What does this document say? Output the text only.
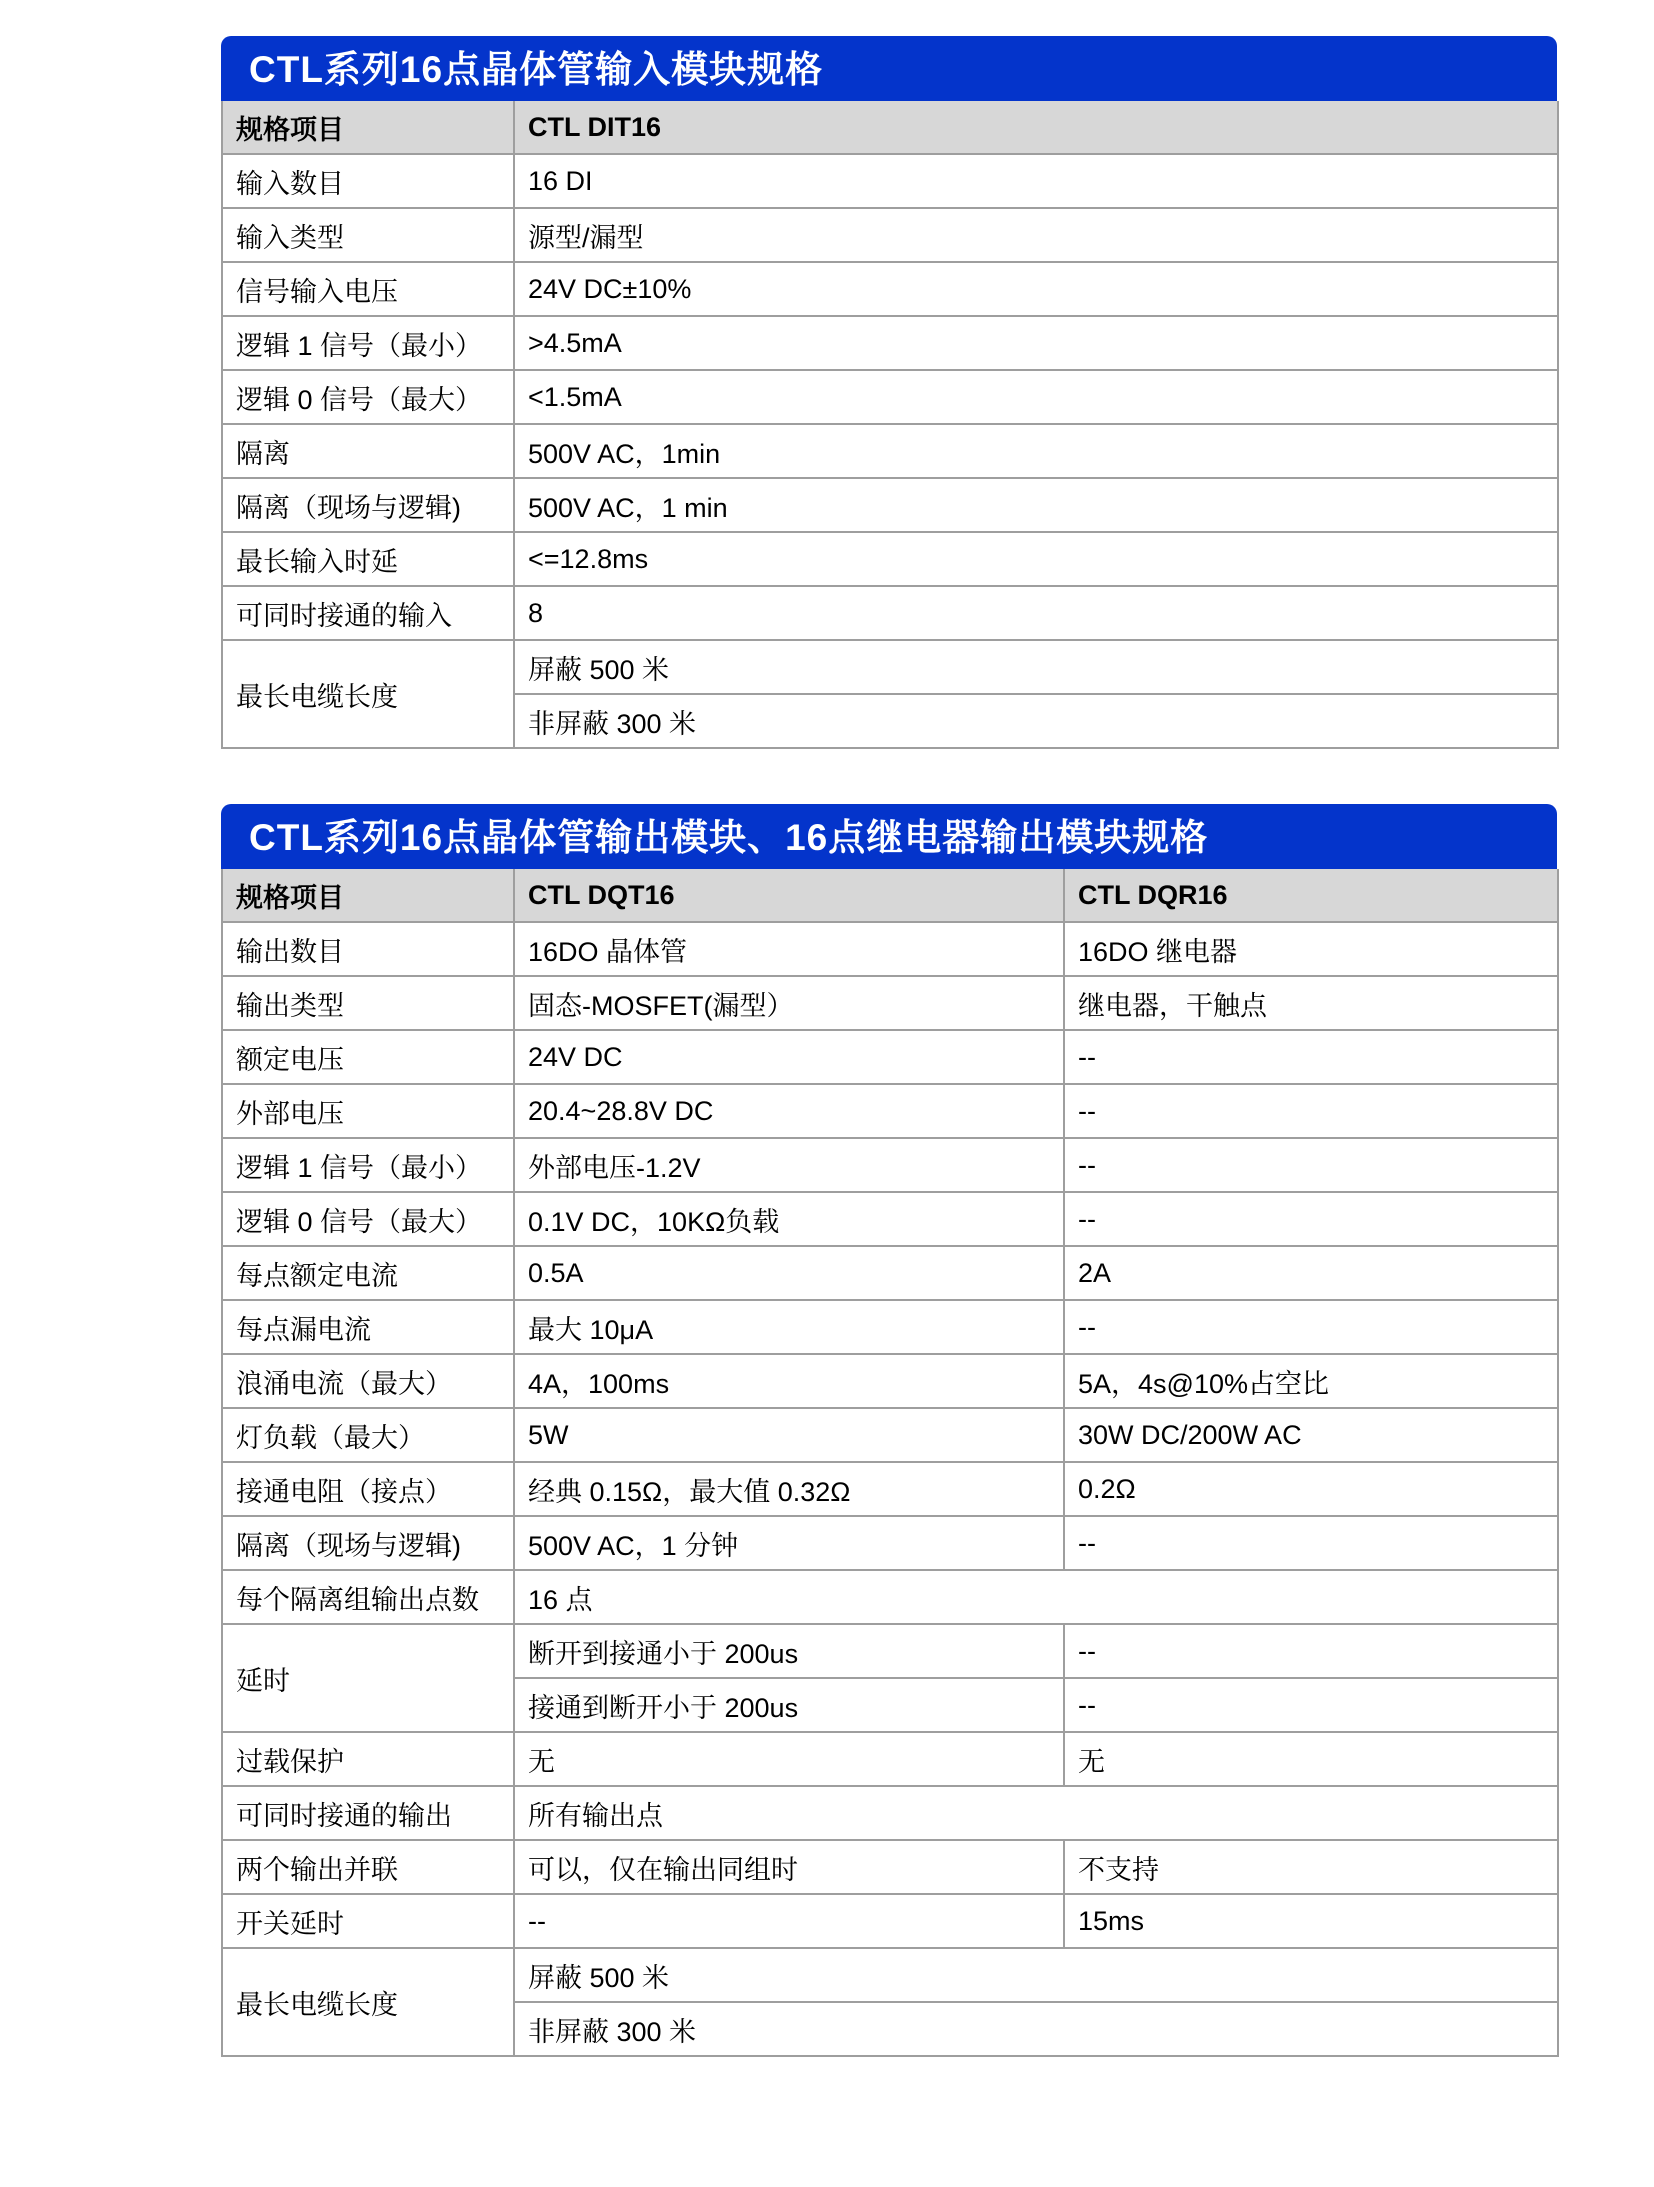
CTL系列16点晶体管输入模块规格
规格项目	CTL DIT16
输入数目	16 DI
输入类型	源型/漏型
信号输入电压	24V DC±10%
逻辑 1 信号（最小）	>4.5mA
逻辑 0 信号（最大）	<1.5mA
隔离	500V AC，1min
隔离（现场与逻辑)	500V AC，1 min
最长输入时延	<=12.8ms
可同时接通的输入	8
最长电缆长度	屏蔽 500 米
	非屏蔽 300 米
CTL系列16点晶体管输出模块、16点继电器输出模块规格
规格项目	CTL DQT16	CTL DQR16
输出数目	16DO 晶体管	16DO 继电器
输出类型	固态-MOSFET(漏型）	继电器，干触点
额定电压	24V DC	--
外部电压	20.4~28.8V DC	--
逻辑 1 信号（最小）	外部电压-1.2V	--
逻辑 0 信号（最大）	0.1V DC，10KΩ负载	--
每点额定电流	0.5A	2A
每点漏电流	最大 10μA	--
浪涌电流（最大）	4A，100ms	5A，4s@10%占空比
灯负载（最大）	5W	30W DC/200W AC
接通电阻（接点）	经典 0.15Ω，最大值 0.32Ω	0.2Ω
隔离（现场与逻辑)	500V AC，1 分钟	--
每个隔离组输出点数	16 点	
延时	断开到接通小于 200us	--
	接通到断开小于 200us	--
过载保护	无	无
可同时接通的输出	所有输出点	
两个输出并联	可以，仅在输出同组时	不支持
开关延时	--	15ms
最长电缆长度	屏蔽 500 米	
	非屏蔽 300 米	
